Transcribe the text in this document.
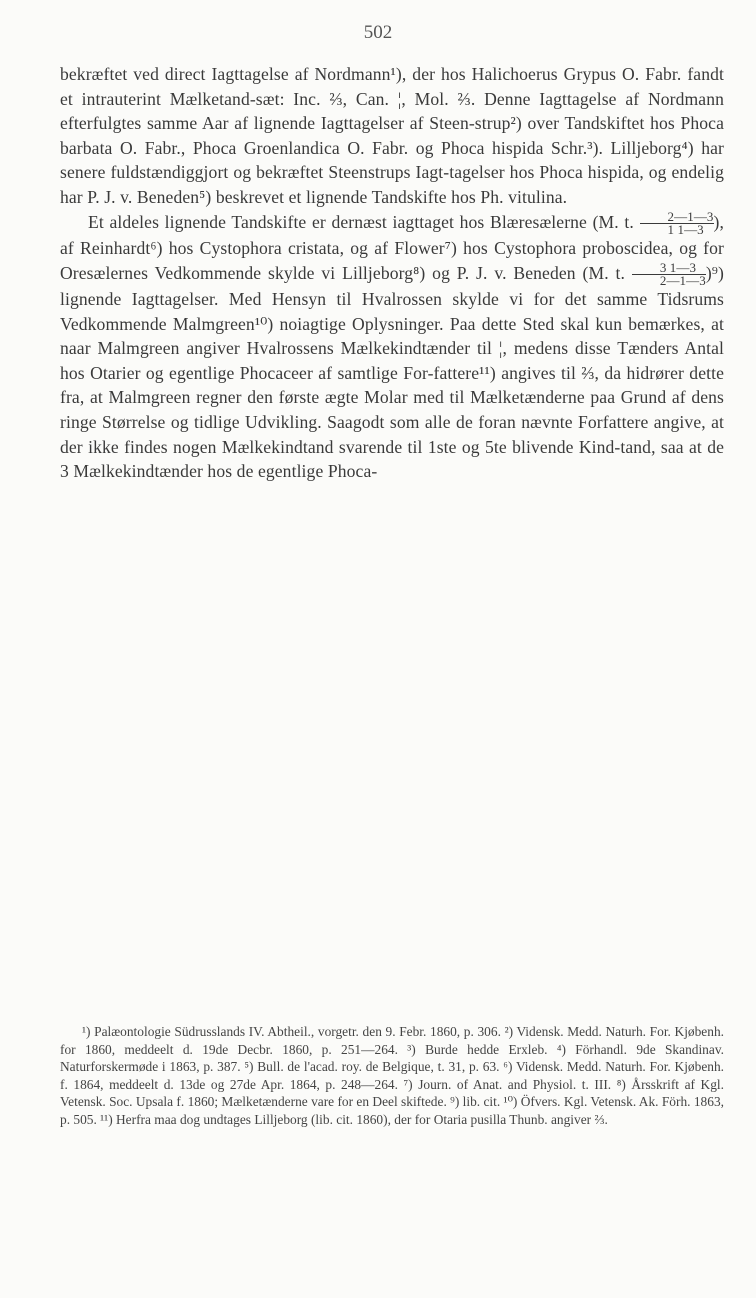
502

bekræftet ved direct Iagttagelse af Nordmann¹), der hos Halichoerus Grypus O. Fabr. fandt et intrauterint Mælketand-sæt: Inc. ⅔, Can. ¦, Mol. ⅔. Denne Iagttagelse af Nordmann efterfulgtes samme Aar af lignende Iagttagelser af Steen-strup²) over Tandskiftet hos Phoca barbata O. Fabr., Phoca Groenlandica O. Fabr. og Phoca hispida Schr.³). Lilljeborg⁴) har senere fuldstændiggjort og bekræftet Steenstrups Iagt-tagelser hos Phoca hispida, og endelig har P. J. v. Beneden⁵) beskrevet et lignende Tandskifte hos Ph. vitulina.

Et aldeles lignende Tandskifte er dernæst iagttaget hos Blæresælerne (M. t. $\frac{2—1—3}{1 1—3}$ ), af Reinhardt⁶) hos Cystophora cristata, og af Flower⁷) hos Cystophora proboscidea, og for Oresælernes Vedkommende skylde vi Lilljeborg⁸) og P. J. v. Beneden (M. t. $\frac{3 1—3}{2—1—3} )^9$) lignende Iagttagelser. Med Hensyn til Hvalrossen skylde vi for det samme Tidsrums Vedkommende Malmgreen¹⁰) noiagtige Oplysninger. Paa dette Sted skal kun bemærkes, at naar Malmgreen angiver Hvalrossens Mælkekindtænder til ¦, medens disse Tænders Antal hos Otarier og egentlige Phocaceer af samtlige For-fattere¹¹) angives til ⅔, da hidrører dette fra, at Malmgreen regner den første ægte Molar med til Mælketænderne paa Grund af dens ringe Størrelse og tidlige Udvikling. Saagodt som alle de foran nævnte Forfattere angive, at der ikke findes nogen Mælkekindtand svarende til 1ste og 5te blivende Kind-tand, saa at de 3 Mælkekindtænder hos de egentlige Phoca-

¹) Palæontologie Südrusslands IV. Abtheil., vorgetr. den 9. Febr. 1860, p. 306. ²) Vidensk. Medd. Naturh. For. Kjøbenh. for 1860, meddeelt d. 19de Decbr. 1860, p. 251—264. ³) Burde hedde Erxleb. ⁴) Förhandl. 9de Skandinav. Naturforskermøde i 1863, p. 387. ⁵) Bull. de l'acad. roy. de Belgique, t. 31, p. 63. ⁶) Vidensk. Medd. Naturh. For. Kjøbenh. f. 1864, meddeelt d. 13de og 27de Apr. 1864, p. 248—264. ⁷) Journ. of Anat. and Physiol. t. III. ⁸) Årsskrift af Kgl. Vetensk. Soc. Upsala f. 1860; Mælketænderne vare for en Deel skiftede. ⁹) lib. cit. ¹⁰) Öfvers. Kgl. Vetensk. Ak. Förh. 1863, p. 505. ¹¹) Herfra maa dog undtages Lilljeborg (lib. cit. 1860), der for Otaria pusilla Thunb. angiver ⅔.
